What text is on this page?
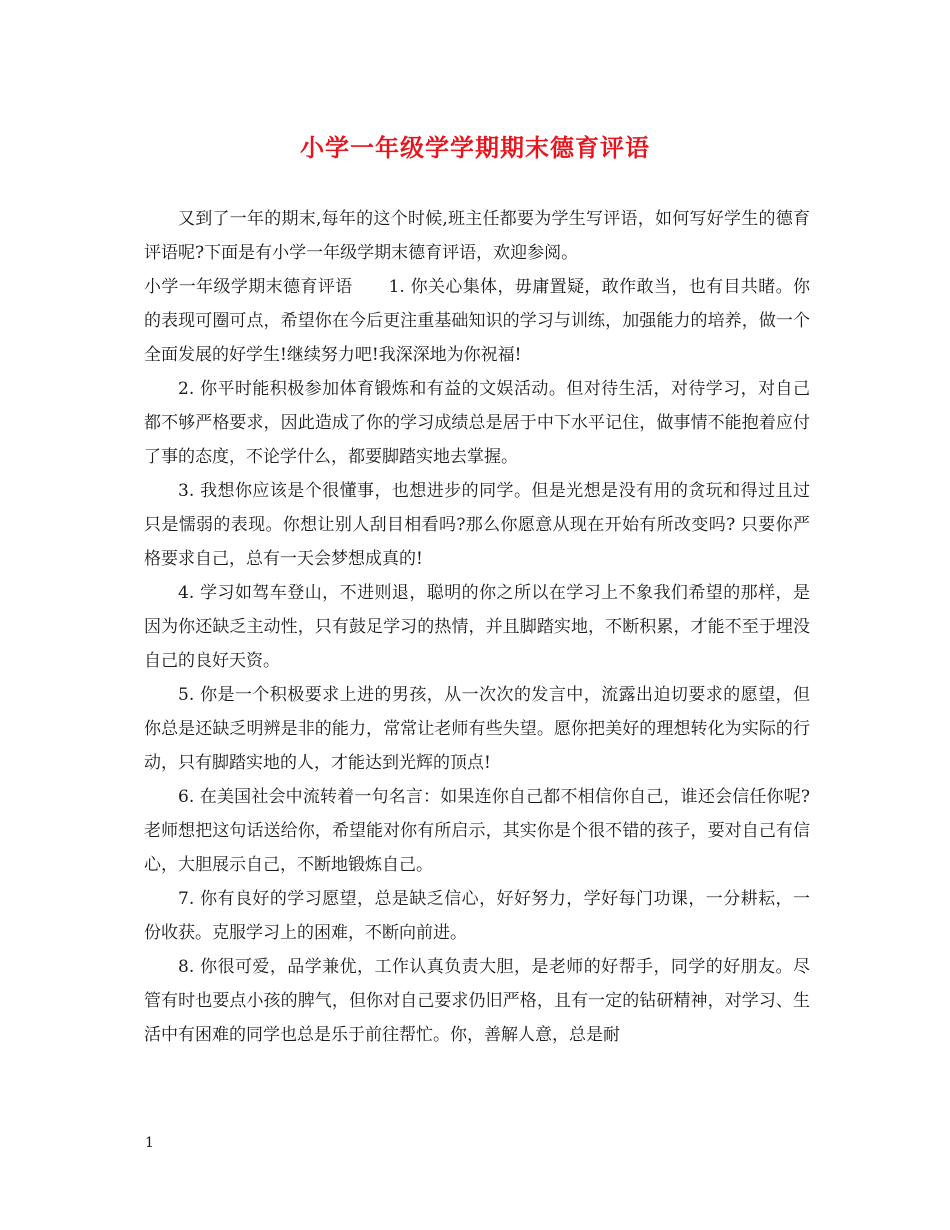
小学一年级学学期期末德育评语

又到了一年的期末,每年的这个时候,班主任都要为学生写评语，如何写好学生的德育评语呢?下面是有小学一年级学期末德育评语，欢迎参阅。

小学一年级学期末德育评语 1. 你关心集体，毋庸置疑，敢作敢当，也有目共睹。你的表现可圈可点，希望你在今后更注重基础知识的学习与训练，加强能力的培养，做一个全面发展的好学生!继续努力吧!我深深地为你祝福!

2. 你平时能积极参加体育锻炼和有益的文娱活动。但对待生活，对待学习，对自己都不够严格要求，因此造成了你的学习成绩总是居于中下水平记住，做事情不能抱着应付了事的态度，不论学什么，都要脚踏实地去掌握。

3. 我想你应该是个很懂事，也想进步的同学。但是光想是没有用的贪玩和得过且过只是懦弱的表现。你想让别人刮目相看吗?那么你愿意从现在开始有所改变吗? 只要你严格要求自己，总有一天会梦想成真的!

4. 学习如驾车登山，不进则退，聪明的你之所以在学习上不象我们希望的那样，是因为你还缺乏主动性，只有鼓足学习的热情，并且脚踏实地，不断积累，才能不至于埋没自己的良好天资。

5. 你是一个积极要求上进的男孩，从一次次的发言中，流露出迫切要求的愿望，但你总是还缺乏明辨是非的能力，常常让老师有些失望。愿你把美好的理想转化为实际的行动，只有脚踏实地的人，才能达到光辉的顶点!

6. 在美国社会中流转着一句名言：如果连你自己都不相信你自己，谁还会信任你呢?老师想把这句话送给你，希望能对你有所启示，其实你是个很不错的孩子，要对自己有信心，大胆展示自己，不断地锻炼自己。

7. 你有良好的学习愿望，总是缺乏信心，好好努力，学好每门功课，一分耕耘，一份收获。克服学习上的困难，不断向前进。

8. 你很可爱，品学兼优，工作认真负责大胆，是老师的好帮手，同学的好朋友。尽管有时也要点小孩的脾气，但你对自己要求仍旧严格，且有一定的钻研精神，对学习、生活中有困难的同学也总是乐于前往帮忙。你，善解人意，总是耐

1
